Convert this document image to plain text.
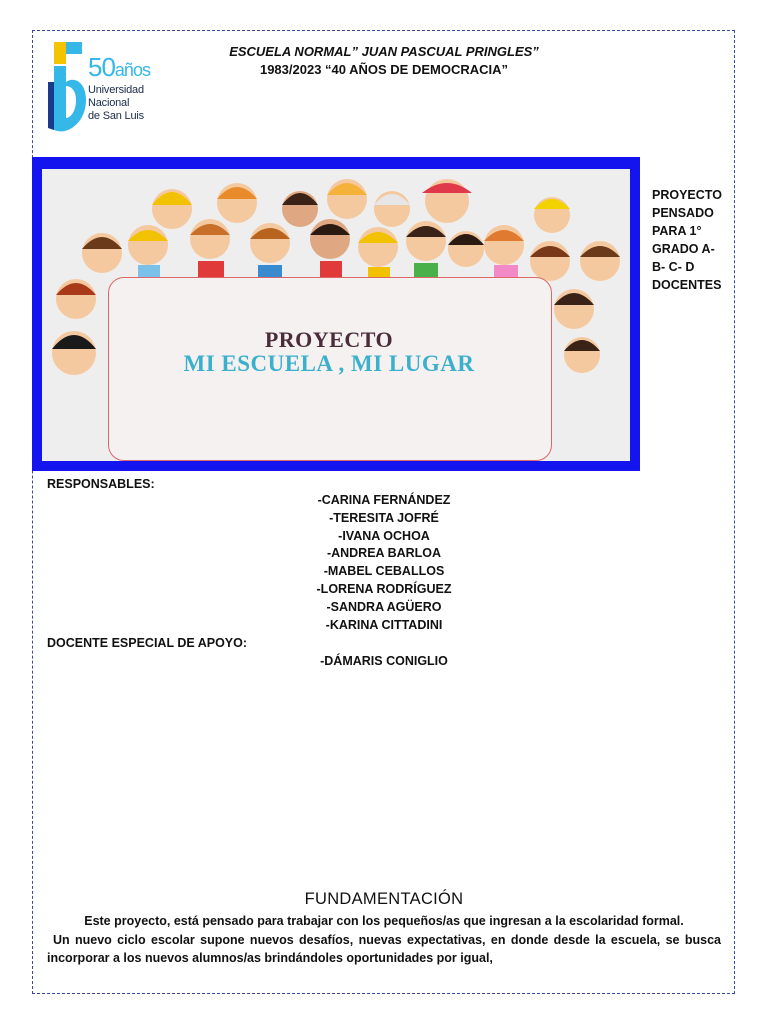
50años
Universidad
Nacional
de San Luis
ESCUELA NORMAL” JUAN PASCUAL PRINGLES”
1983/2023 “40 AÑOS DE DEMOCRACIA”
PROYECTO
MI ESCUELA , MI LUGAR
PROYECTO
PENSADO
PARA 1°
GRADO A-
B- C- D
DOCENTES
RESPONSABLES:
-CARINA FERNÁNDEZ
-TERESITA JOFRÉ
-IVANA OCHOA
-ANDREA BARLOA
-MABEL CEBALLOS
-LORENA RODRÍGUEZ
-SANDRA AGÜERO
-KARINA CITTADINI
DOCENTE ESPECIAL DE APOYO:
-DÁMARIS CONIGLIO
FUNDAMENTACIÓN
Este proyecto, está pensado para trabajar con los pequeños/as que ingresan a la escolaridad formal.
Un nuevo ciclo escolar supone nuevos desafíos, nuevas expectativas, en donde desde la escuela, se busca incorporar a los nuevos alumnos/as brindándoles oportunidades por igual,
